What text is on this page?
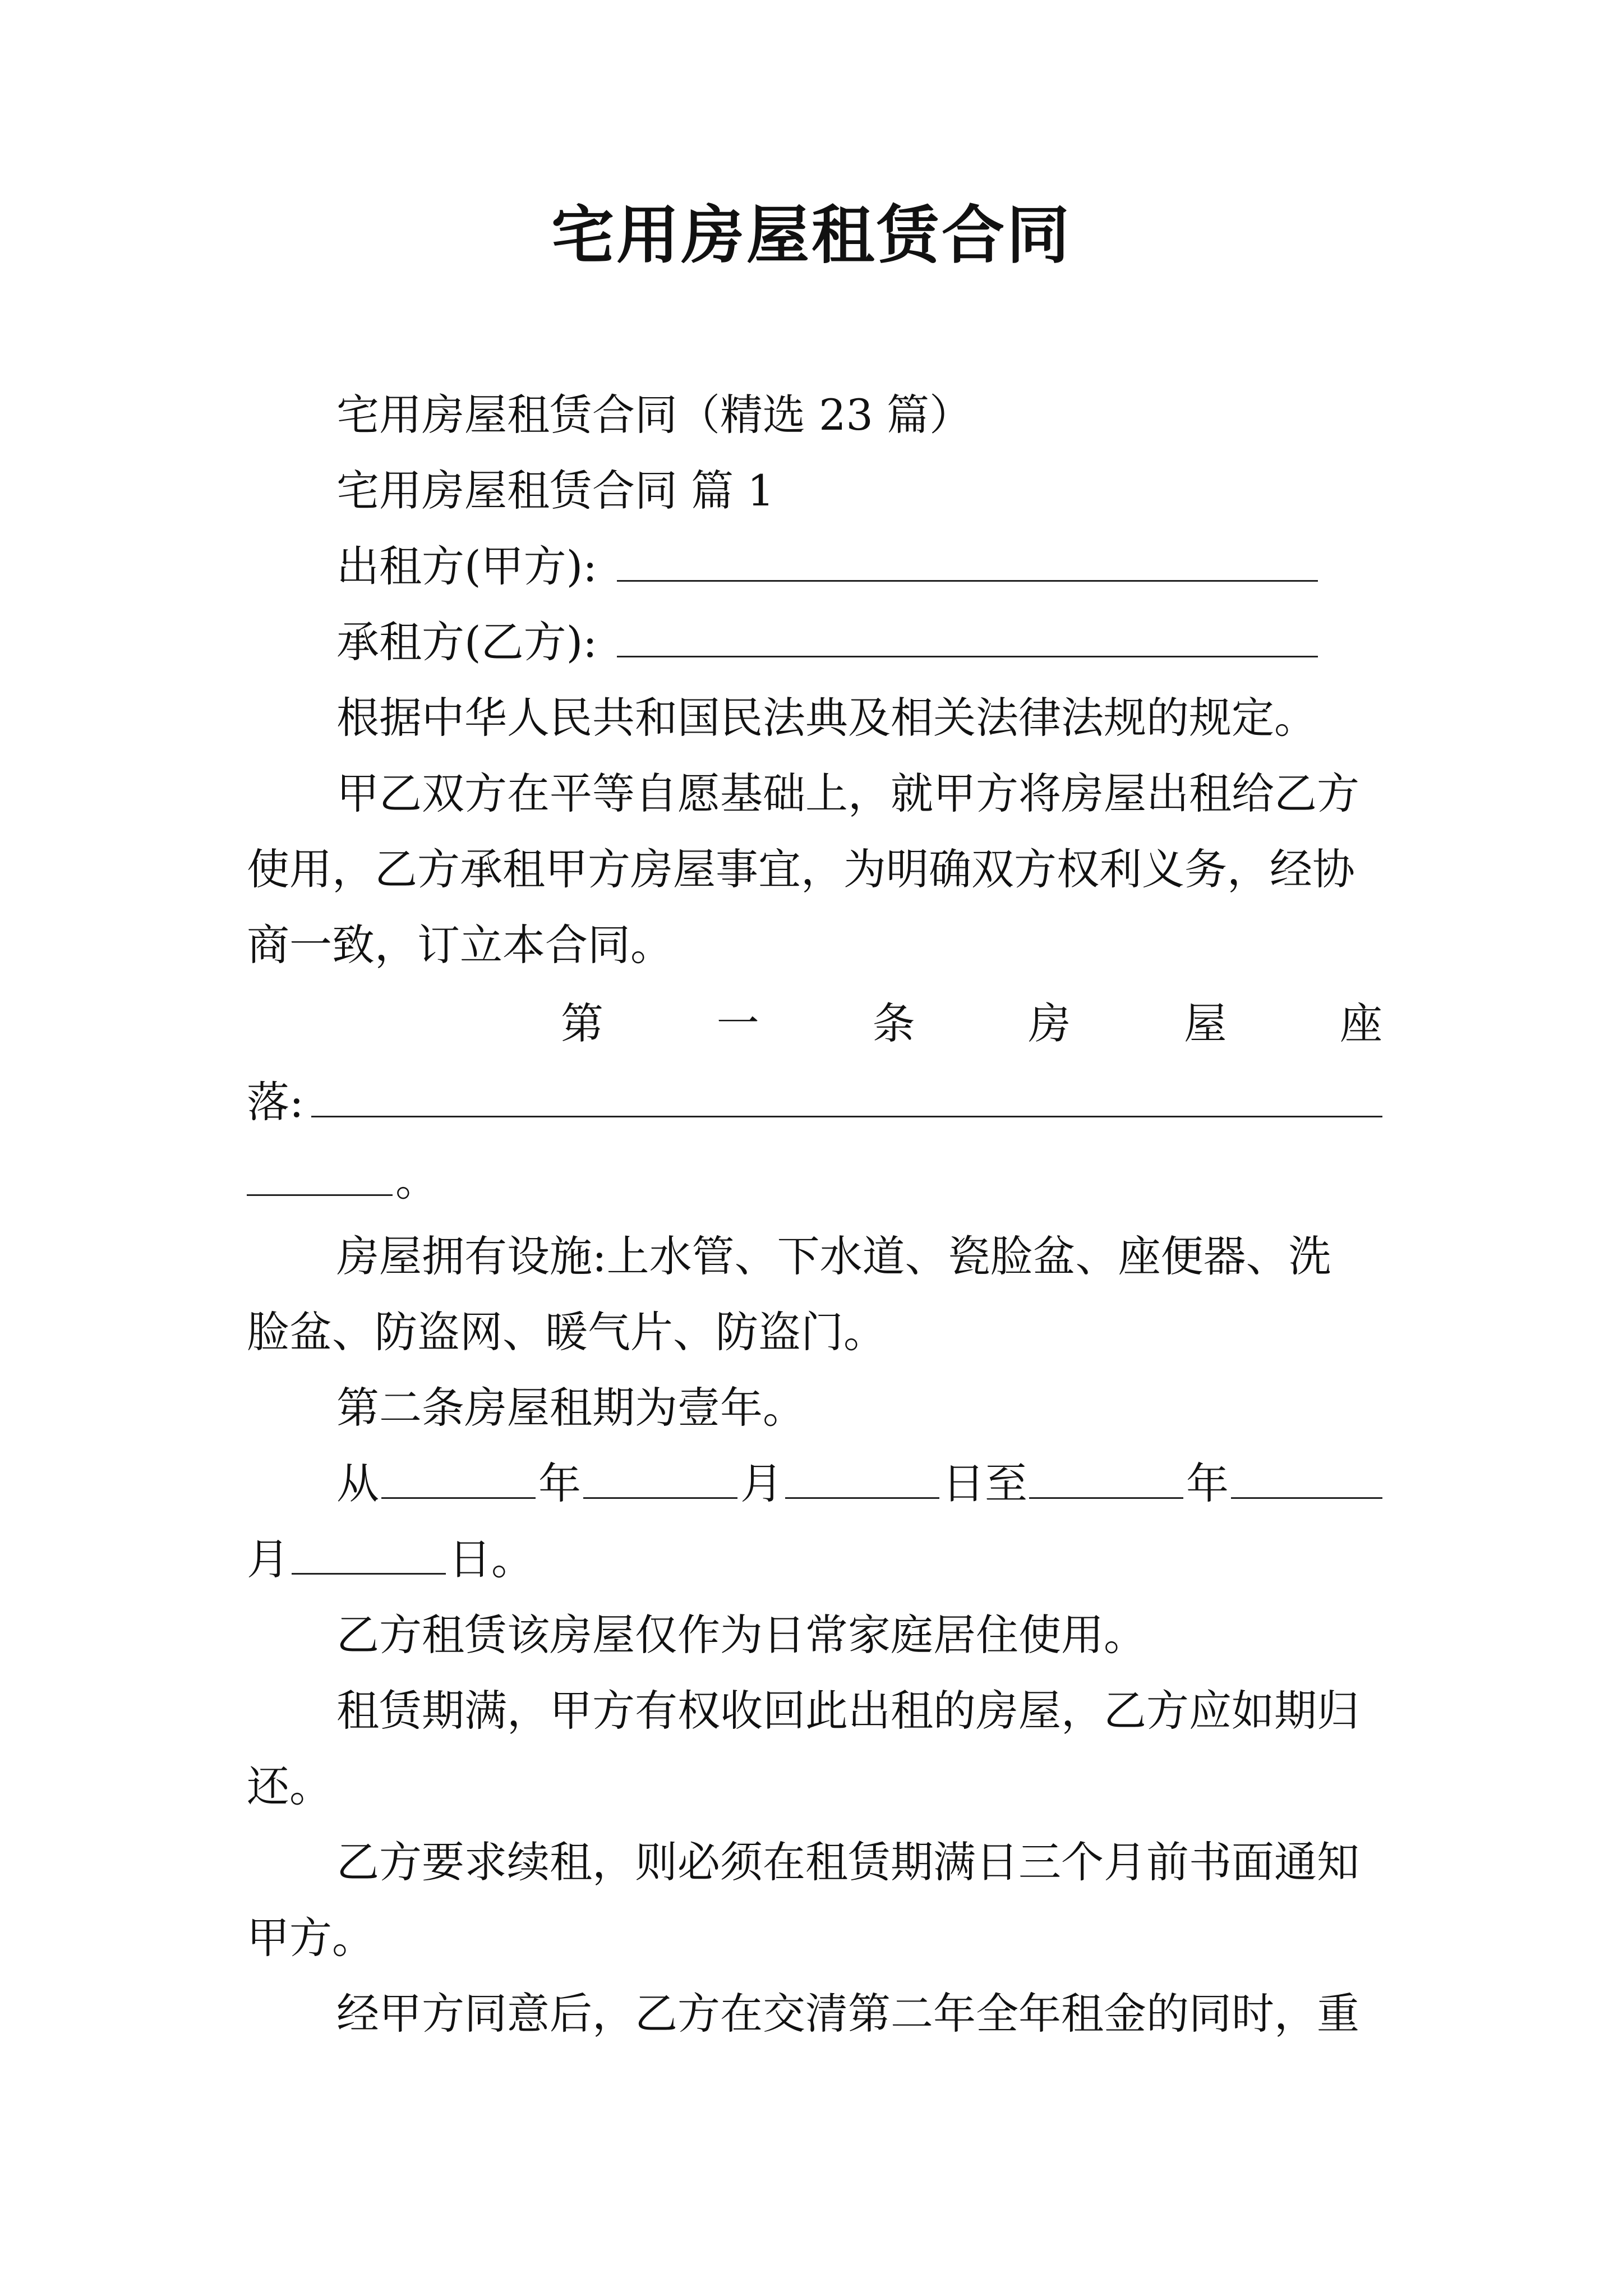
宅用房屋租赁合同
宅用房屋租赁合同（精选 23 篇）
宅用房屋租赁合同 篇 1
出租方(甲方):
承租方(乙方):
根据中华人民共和国民法典及相关法律法规的规定。
甲乙双方在平等自愿基础上，就甲方将房屋出租给乙方
使用，乙方承租甲方房屋事宜，为明确双方权利义务，经协
商一致，订立本合同。
第	一	条	房	屋	座
落:
。
房屋拥有设施:上水管、下水道、瓷脸盆、座便器、洗
脸盆、防盗网、暖气片、防盗门。
第二条房屋租期为壹年。
从	年	月	日至	年
月	日。
乙方租赁该房屋仅作为日常家庭居住使用。
租赁期满，甲方有权收回此出租的房屋，乙方应如期归
还。
乙方要求续租，则必须在租赁期满日三个月前书面通知
甲方。
经甲方同意后，乙方在交清第二年全年租金的同时，重
